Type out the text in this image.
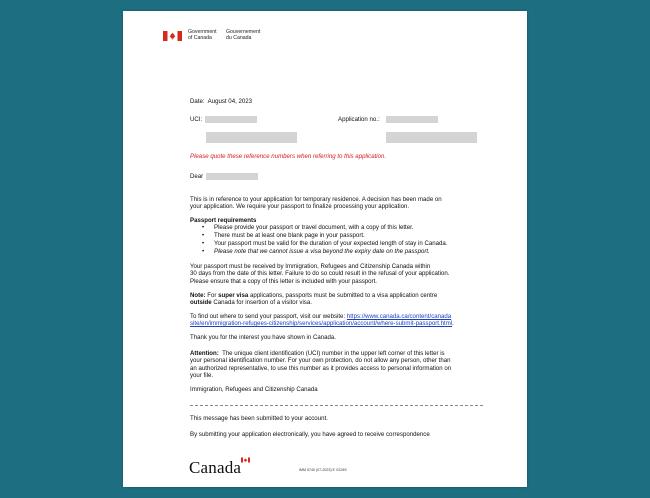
Government
of Canada
Gouvernement
du Canada
Date: August 04, 2023
UCI:	Application no.:
Please quote these reference numbers when referring to this application.
Dear
This is in reference to your application for temporary residence. A decision has been made on
your application. We require your passport to finalize processing your application.
Passport requirements
• Please provide your passport or travel document, with a copy of this letter.
• There must be at least one blank page in your passport.
• Your passport must be valid for the duration of your expected length of stay in Canada.
• Please note that we cannot issue a visa beyond the expiry date on the passport.
Your passport must be received by Immigration, Refugees and Citizenship Canada within
30 days from the date of this letter. Failure to do so could result in the refusal of your application.
Please ensure that a copy of this letter is included with your passport.
Note: For super visa applications, passports must be submitted to a visa application centre
outside Canada for insertion of a visitor visa.
To find out where to send your passport, visit our website: https://www.canada.ca/content/canada
site/en/immigration-refugees-citizenship/services/application/account/where-submit-passport.html.
Thank you for the interest you have shown in Canada.
Attention: The unique client identification (UCI) number in the upper left corner of this letter is
your personal identification number. For your own protection, do not allow any person, other than
an authorized representative, to use this number as it provides access to personal information on
your file.
Immigration, Refugees and Citizenship Canada
This message has been submitted to your account.
By submitting your application electronically, you have agreed to receive correspondence
Canada	IMM 5740 (07-2023) E GCMS
